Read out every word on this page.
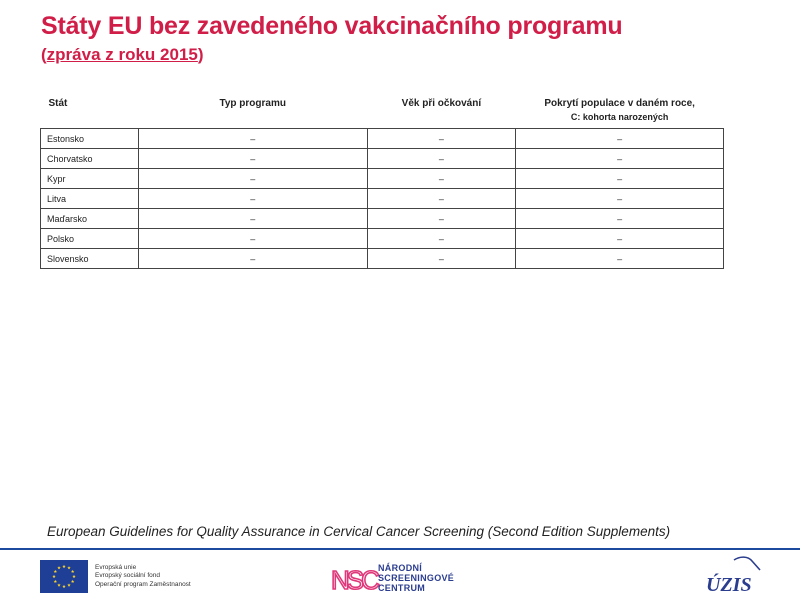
Státy EU bez zavedeného vakcinačního programu
(zpráva z roku 2015)
Stát	Typ programu	Věk při očkování	Pokrytí populace v daném roce,
C: kohorta narozených

Estonsko	–	–	–
Chorvatsko	–	–	–
Kypr	–	–	–
Litva	–	–	–
Maďarsko	–	–	–
Polsko	–	–	–
Slovensko	–	–	–
European Guidelines for Quality Assurance in Cervical Cancer Screening (Second Edition Supplements)
Evropská unie
Evropský sociální fond
Operační program Zaměstnanost	NSC NÁRODNÍ
SCREENINGOVÉ
CENTRUM	ÚZIS
